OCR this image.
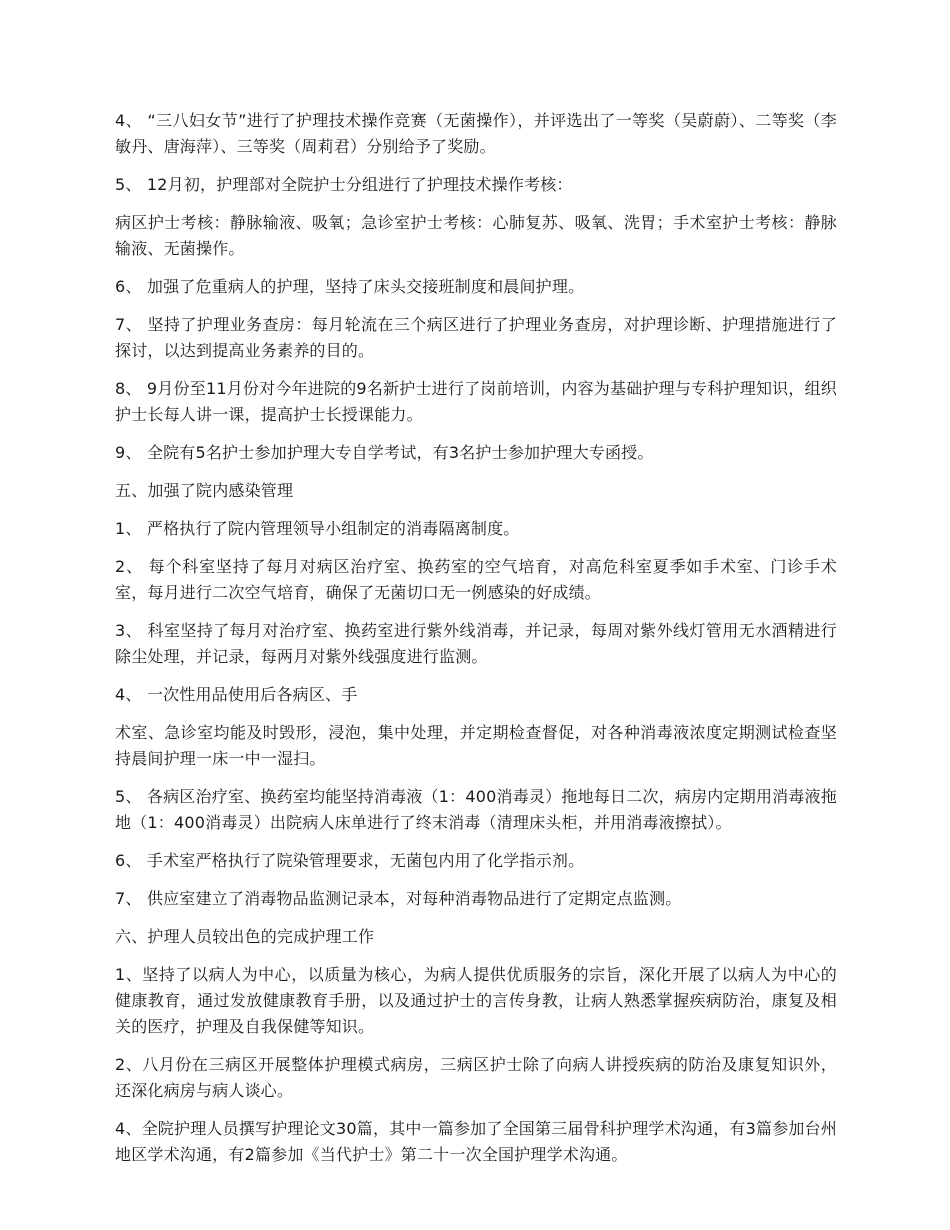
4、 “三八妇女节”进行了护理技术操作竞赛（无菌操作），并评选出了一等奖（吴蔚蔚）、二等奖（李敏丹、唐海萍）、三等奖（周莉君）分别给予了奖励。

5、 12月初，护理部对全院护士分组进行了护理技术操作考核：

病区护士考核：静脉输液、吸氧；急诊室护士考核：心肺复苏、吸氧、洗胃；手术室护士考核：静脉输液、无菌操作。

6、 加强了危重病人的护理，坚持了床头交接班制度和晨间护理。

7、 坚持了护理业务查房：每月轮流在三个病区进行了护理业务查房，对护理诊断、护理措施进行了探讨，以达到提高业务素养的目的。

8、 9月份至11月份对今年进院的9名新护士进行了岗前培训，内容为基础护理与专科护理知识，组织护士长每人讲一课，提高护士长授课能力。

9、 全院有5名护士参加护理大专自学考试，有3名护士参加护理大专函授。

五、加强了院内感染管理

1、 严格执行了院内管理领导小组制定的消毒隔离制度。

2、 每个科室坚持了每月对病区治疗室、换药室的空气培育，对高危科室夏季如手术室、门诊手术室，每月进行二次空气培育，确保了无菌切口无一例感染的好成绩。

3、 科室坚持了每月对治疗室、换药室进行紫外线消毒，并记录，每周对紫外线灯管用无水酒精进行除尘处理，并记录，每两月对紫外线强度进行监测。

4、 一次性用品使用后各病区、手

术室、急诊室均能及时毁形，浸泡，集中处理，并定期检查督促，对各种消毒液浓度定期测试检查坚持晨间护理一床一中一湿扫。

5、 各病区治疗室、换药室均能坚持消毒液（1：400消毒灵）拖地每日二次，病房内定期用消毒液拖地（1：400消毒灵）出院病人床单进行了终末消毒（清理床头柜，并用消毒液擦拭）。

6、 手术室严格执行了院染管理要求，无菌包内用了化学指示剂。

7、 供应室建立了消毒物品监测记录本，对每种消毒物品进行了定期定点监测。

六、护理人员较出色的完成护理工作

1、坚持了以病人为中心，以质量为核心，为病人提供优质服务的宗旨，深化开展了以病人为中心的健康教育，通过发放健康教育手册，以及通过护士的言传身教，让病人熟悉掌握疾病防治，康复及相关的医疗，护理及自我保健等知识。

2、八月份在三病区开展整体护理模式病房，三病区护士除了向病人讲授疾病的防治及康复知识外，还深化病房与病人谈心。

4、全院护理人员撰写护理论文30篇，其中一篇参加了全国第三届骨科护理学术沟通，有3篇参加台州地区学术沟通，有2篇参加《当代护士》第二十一次全国护理学术沟通。
